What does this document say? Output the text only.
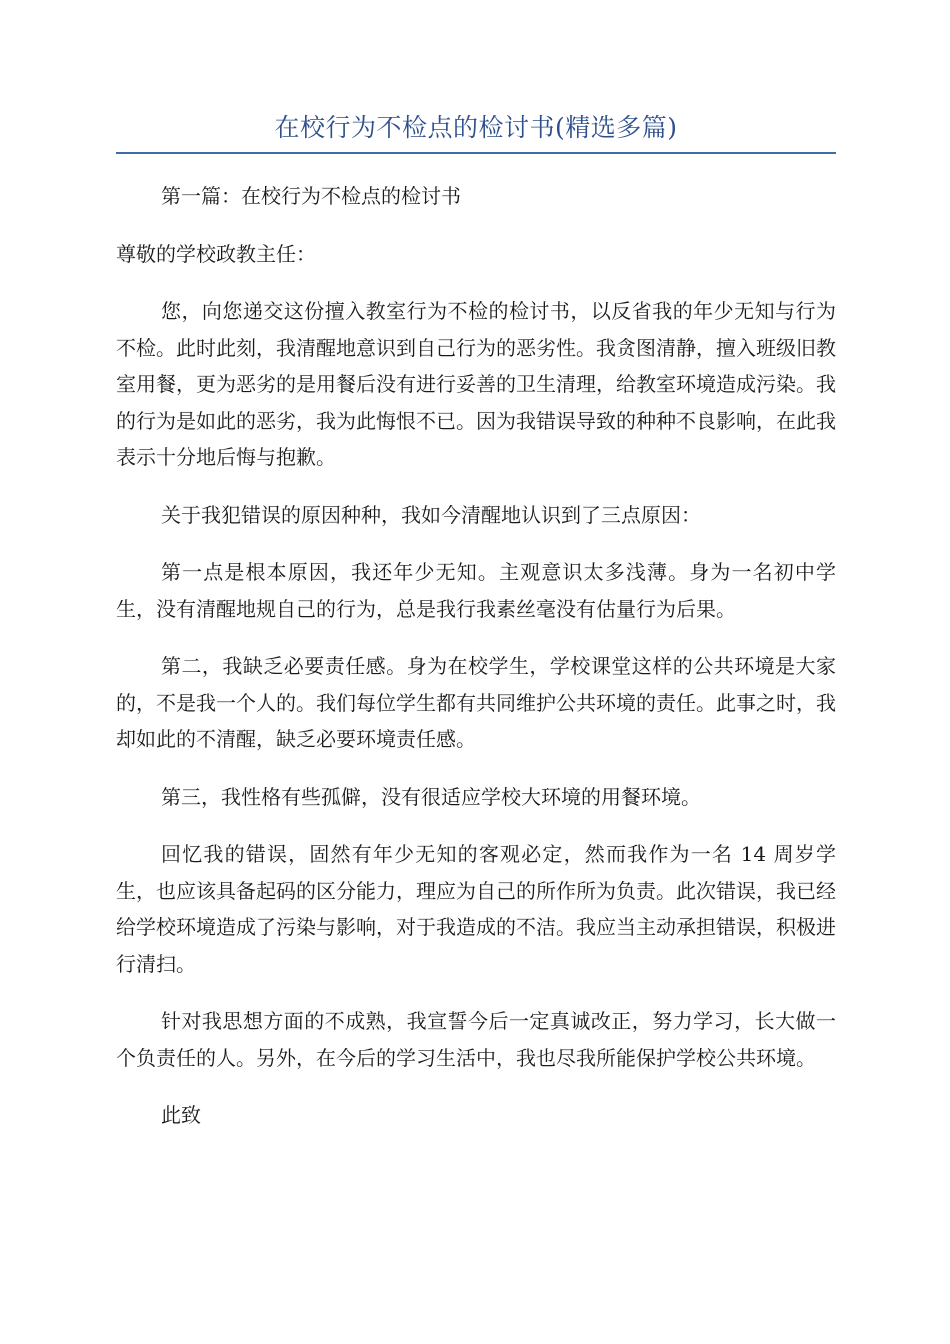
在校行为不检点的检讨书(精选多篇)

第一篇：在校行为不检点的检讨书

尊敬的学校政教主任：

您，向您递交这份擅入教室行为不检的检讨书，以反省我的年少无知与行为不检。此时此刻，我清醒地意识到自己行为的恶劣性。我贪图清静，擅入班级旧教室用餐，更为恶劣的是用餐后没有进行妥善的卫生清理，给教室环境造成污染。我的行为是如此的恶劣，我为此悔恨不已。因为我错误导致的种种不良影响，在此我表示十分地后悔与抱歉。

关于我犯错误的原因种种，我如今清醒地认识到了三点原因：

第一点是根本原因，我还年少无知。主观意识太多浅薄。身为一名初中学生，没有清醒地规自己的行为，总是我行我素丝毫没有估量行为后果。

第二，我缺乏必要责任感。身为在校学生，学校课堂这样的公共环境是大家的，不是我一个人的。我们每位学生都有共同维护公共环境的责任。此事之时，我却如此的不清醒，缺乏必要环境责任感。

第三，我性格有些孤僻，没有很适应学校大环境的用餐环境。

回忆我的错误，固然有年少无知的客观必定，然而我作为一名 14 周岁学生，也应该具备起码的区分能力，理应为自己的所作所为负责。此次错误，我已经给学校环境造成了污染与影响，对于我造成的不洁。我应当主动承担错误，积极进行清扫。

针对我思想方面的不成熟，我宣誓今后一定真诚改正，努力学习，长大做一个负责任的人。另外，在今后的学习生活中，我也尽我所能保护学校公共环境。

此致
